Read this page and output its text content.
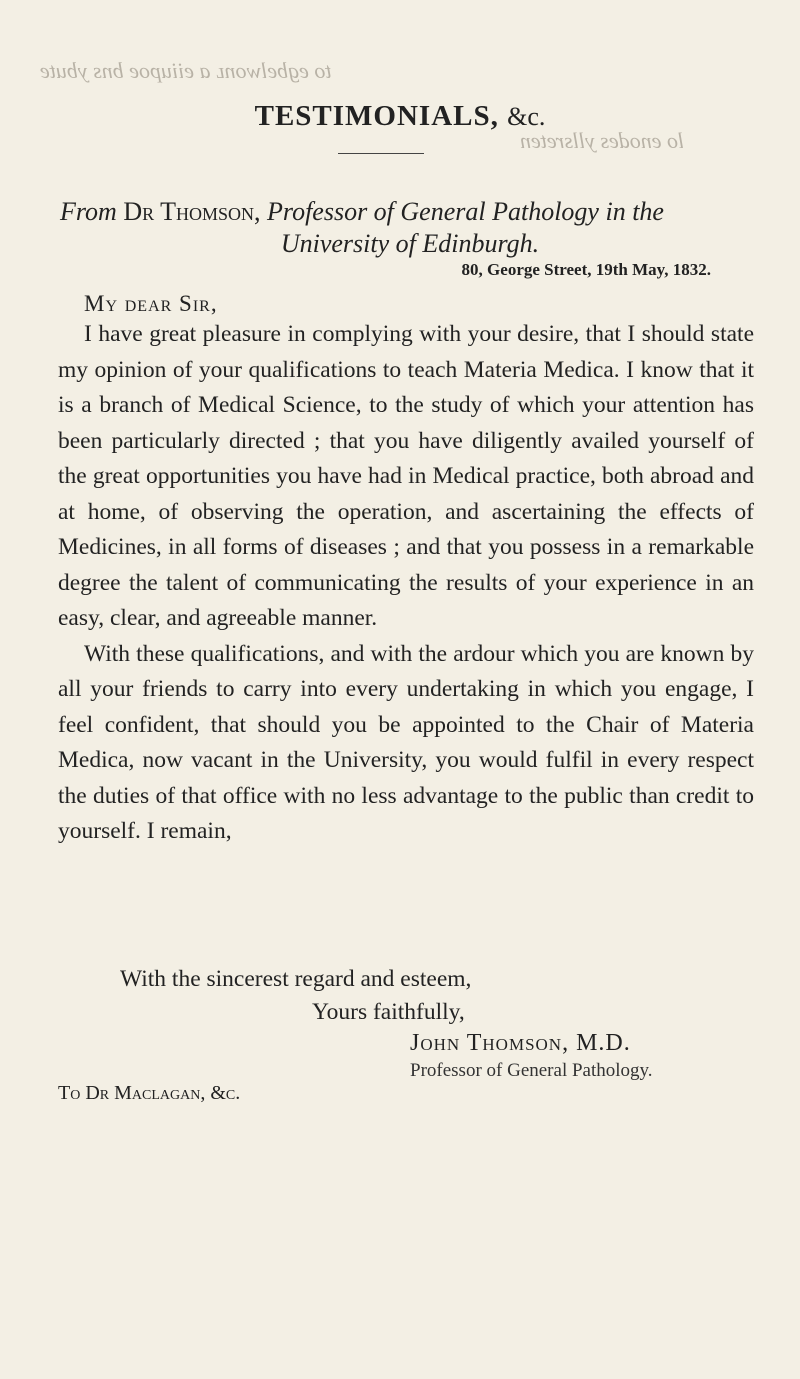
to egbelwonʟ a eiiupoe bns ybute
lo enodes yllsreten
TESTIMONIALS, &c.
From Dr Thomson, Professor of General Pathology in the
University of Edinburgh.
80, George Street, 19th May, 1832.
My dear Sir,

I have great pleasure in complying with your desire, that I should state my opinion of your qualifications to teach Materia Medica. I know that it is a branch of Medical Science, to the study of which your attention has been particularly directed ; that you have diligently availed yourself of the great opportunities you have had in Medical practice, both abroad and at home, of observing the operation, and ascertaining the effects of Medicines, in all forms of diseases ; and that you possess in a remarkable degree the talent of communicating the results of your experience in an easy, clear, and agreeable manner.

With these qualifications, and with the ardour which you are known by all your friends to carry into every undertaking in which you engage, I feel confident, that should you be appointed to the Chair of Materia Medica, now vacant in the University, you would fulfil in every respect the duties of that office with no less advantage to the public than credit to yourself. I remain,

With the sincerest regard and esteem,
Yours faithfully,
John Thomson, M.D.
Professor of General Pathology.
To Dr Maclagan, &c.
